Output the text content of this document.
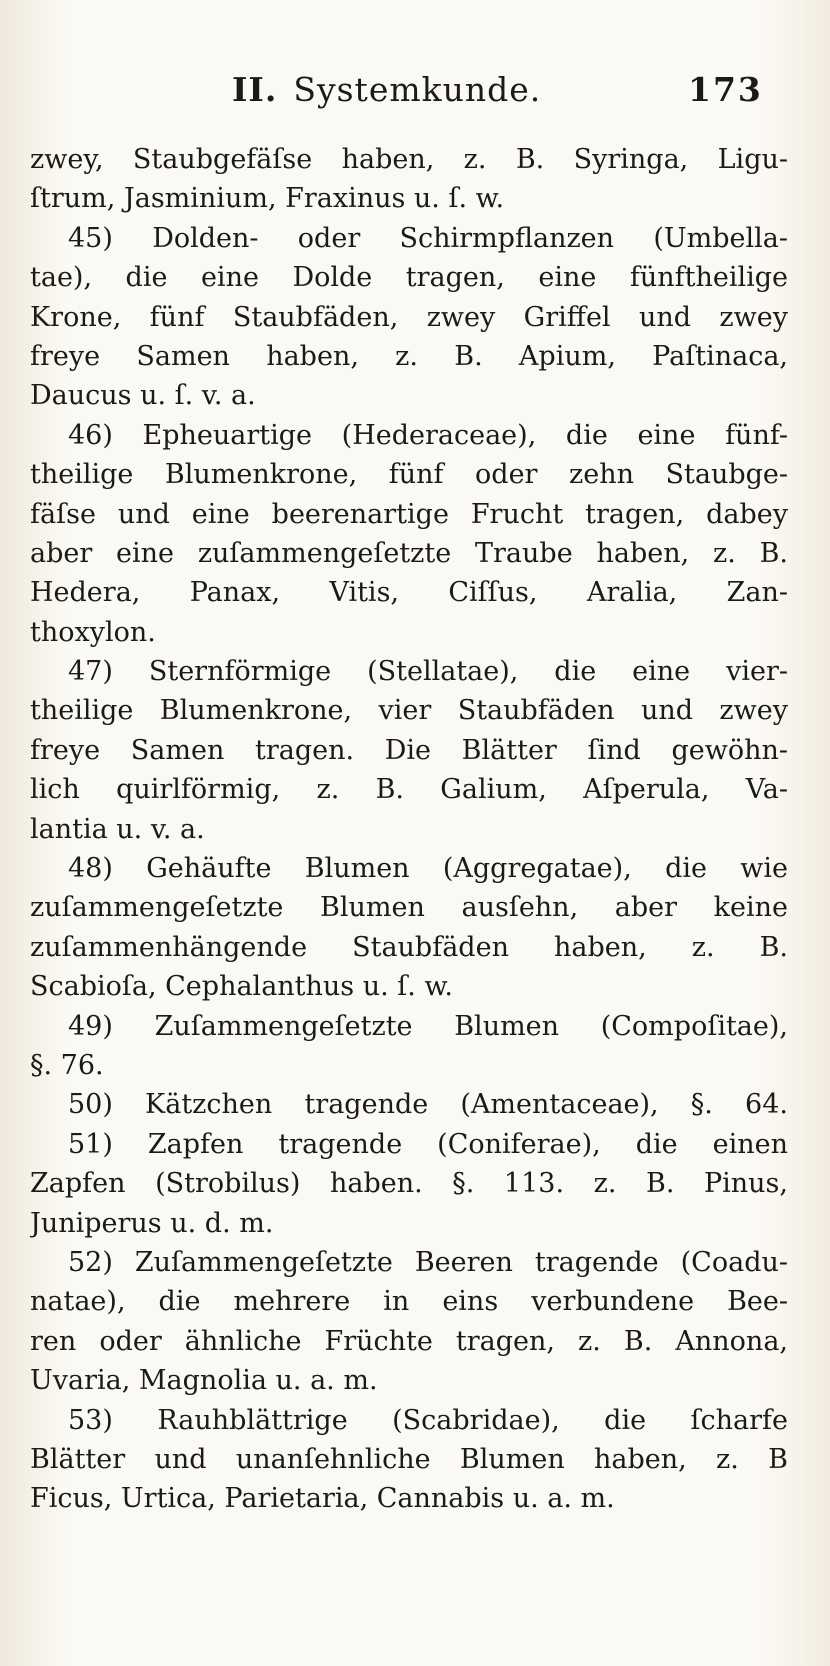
II. Systemkunde.	173
zwey, Staubgefäſse haben, z. B. Syringa, Ligu-
ſtrum, Jasminium, Fraxinus u. ſ. w.
45) Dolden- oder Schirmpflanzen (Umbella-
tae), die eine Dolde tragen, eine fünftheilige
Krone, fünf Staubfäden, zwey Griffel und zwey
freye Samen haben, z. B. Apium, Paſtinaca,
Daucus u. ſ. v. a.
46) Epheuartige (Hederaceae), die eine fünf-
theilige Blumenkrone, fünf oder zehn Staubge-
fäſse und eine beerenartige Frucht tragen, dabey
aber eine zuſammengeſetzte Traube haben, z. B.
Hedera, Panax, Vitis, Ciſſus, Aralia, Zan-
thoxylon.
47) Sternförmige (Stellatae), die eine vier-
theilige Blumenkrone, vier Staubfäden und zwey
freye Samen tragen. Die Blätter ſind gewöhn-
lich quirlförmig, z. B. Galium, Aſperula, Va-
lantia u. v. a.
48) Gehäufte Blumen (Aggregatae), die wie
zuſammengeſetzte Blumen ausſehn, aber keine
zuſammenhängende Staubfäden haben, z. B.
Scabioſa, Cephalanthus u. ſ. w.
49) Zuſammengeſetzte Blumen (Compoſitae),
§. 76.
50) Kätzchen tragende (Amentaceae), §. 64.
51) Zapfen tragende (Coniferae), die einen
Zapfen (Strobilus) haben. §. 113. z. B. Pinus,
Juniperus u. d. m.
52) Zuſammengeſetzte Beeren tragende (Coadu-
natae), die mehrere in eins verbundene Bee-
ren oder ähnliche Früchte tragen, z. B. Annona,
Uvaria, Magnolia u. a. m.
53) Rauhblättrige (Scabridae), die ſcharfe
Blätter und unanſehnliche Blumen haben, z. B
Ficus, Urtica, Parietaria, Cannabis u. a. m.
